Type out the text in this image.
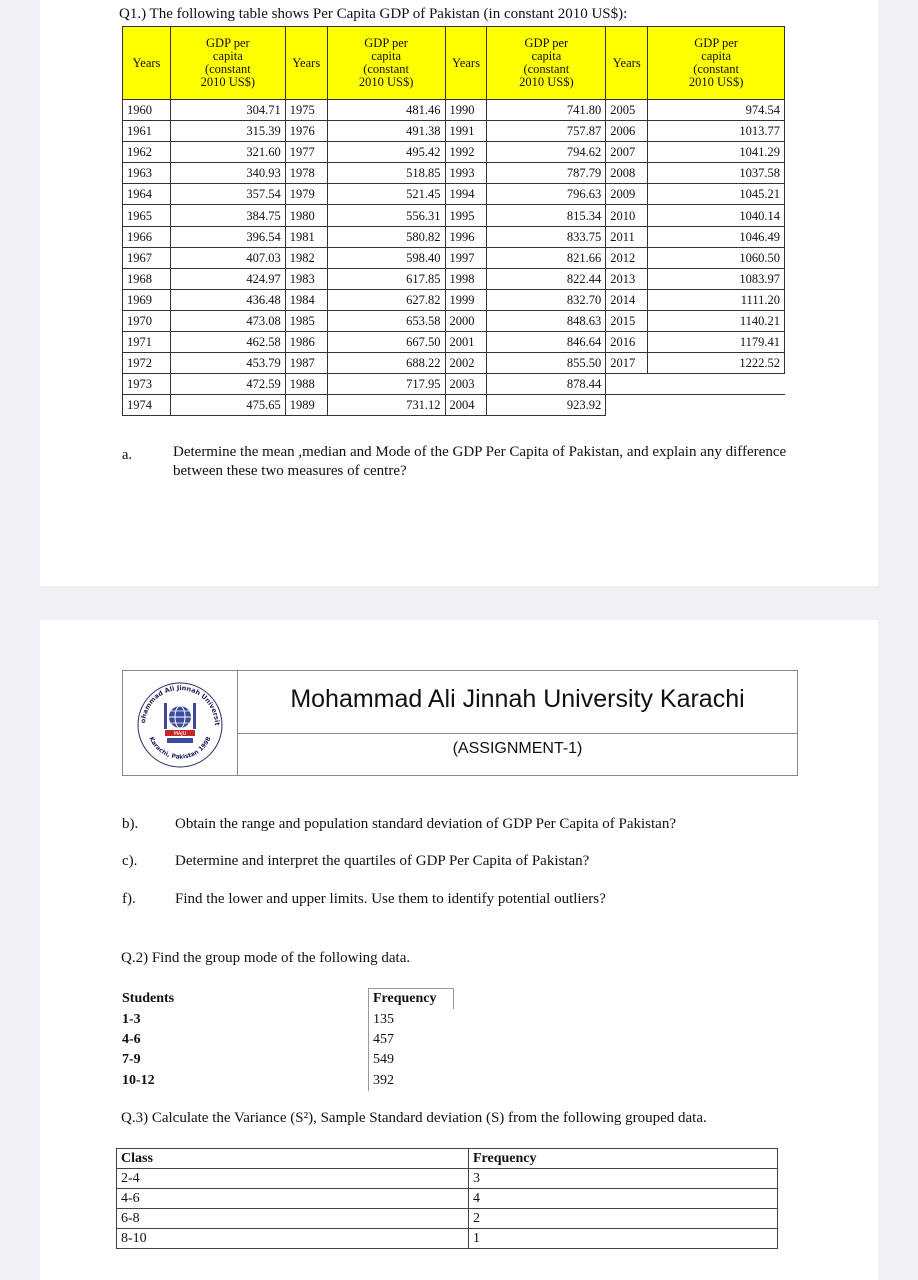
Q1.) The following table shows Per Capita GDP of Pakistan (in constant 2010 US$):
Years	GDP per
capita
(constant
2010 US$)	Years	GDP per
capita
(constant
2010 US$)	Years	GDP per
capita
(constant
2010 US$)	Years	GDP per
capita
(constant
2010 US$)
1960	304.71	1975	481.46	1990	741.80	2005	974.54
1961	315.39	1976	491.38	1991	757.87	2006	1013.77
1962	321.60	1977	495.42	1992	794.62	2007	1041.29
1963	340.93	1978	518.85	1993	787.79	2008	1037.58
1964	357.54	1979	521.45	1994	796.63	2009	1045.21
1965	384.75	1980	556.31	1995	815.34	2010	1040.14
1966	396.54	1981	580.82	1996	833.75	2011	1046.49
1967	407.03	1982	598.40	1997	821.66	2012	1060.50
1968	424.97	1983	617.85	1998	822.44	2013	1083.97
1969	436.48	1984	627.82	1999	832.70	2014	1111.20
1970	473.08	1985	653.58	2000	848.63	2015	1140.21
1971	462.58	1986	667.50	2001	846.64	2016	1179.41
1972	453.79	1987	688.22	2002	855.50	2017	1222.52
1973	472.59	1988	717.95	2003	878.44		
1974	475.65	1989	731.12	2004	923.92		
a.	Determine the mean ,median and Mode of the GDP Per Capita of Pakistan, and explain any difference between these two measures of centre?
ohammad Ali Jinnah Universit
Karachi, Pakistan 1998
MAJU
Mohammad Ali Jinnah University Karachi
(ASSIGNMENT-1)
b). Obtain the range and population standard deviation of GDP Per Capita of Pakistan?
c).	Determine and interpret the quartiles of GDP Per Capita of Pakistan?
f).	Find the lower and upper limits. Use them to identify potential outliers?
Q.2) Find the group mode of the following data.
Students	Frequency
1-3	135
4-6	457
7-9	549
10-12	392
Q.3) Calculate the Variance (S²), Sample Standard deviation (S) from the following grouped data.
Class	Frequency
2-4	3
4-6	4
6-8	2
8-10	1
